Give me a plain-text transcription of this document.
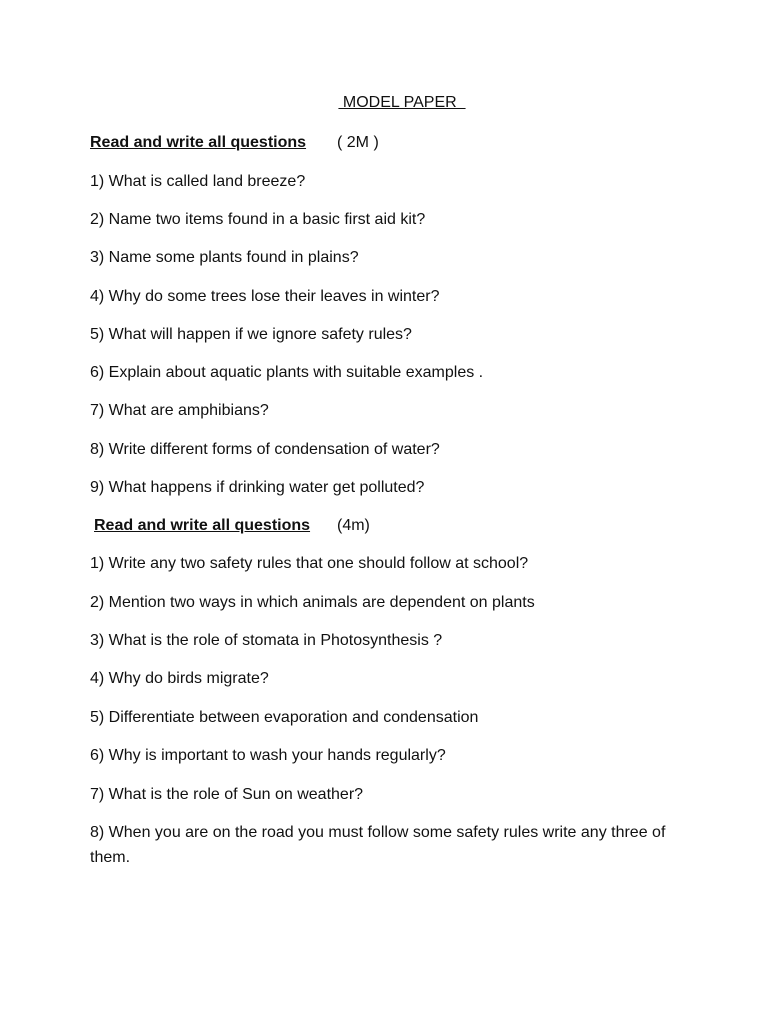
MODEL PAPER
Read and write all questions ( 2M )
1) What is called land breeze?
2) Name two items found in a basic first aid kit?
3) Name some plants found in plains?
4) Why do some trees lose their leaves in winter?
5) What will happen if we ignore safety rules?
6) Explain about aquatic plants with suitable examples .
7) What are amphibians?
8) Write different forms of condensation of water?
9) What happens if drinking water get polluted?
Read and write all questions (4m)
1) Write any two safety rules that one should follow at school?
2) Mention two ways in which animals are dependent on plants
3) What is the role of stomata in Photosynthesis ?
4) Why do birds migrate?
5) Differentiate between evaporation and condensation
6) Why is important to wash your hands regularly?
7) What is the role of Sun on weather?
8) When you are on the road you must follow some safety rules write any three of them.
